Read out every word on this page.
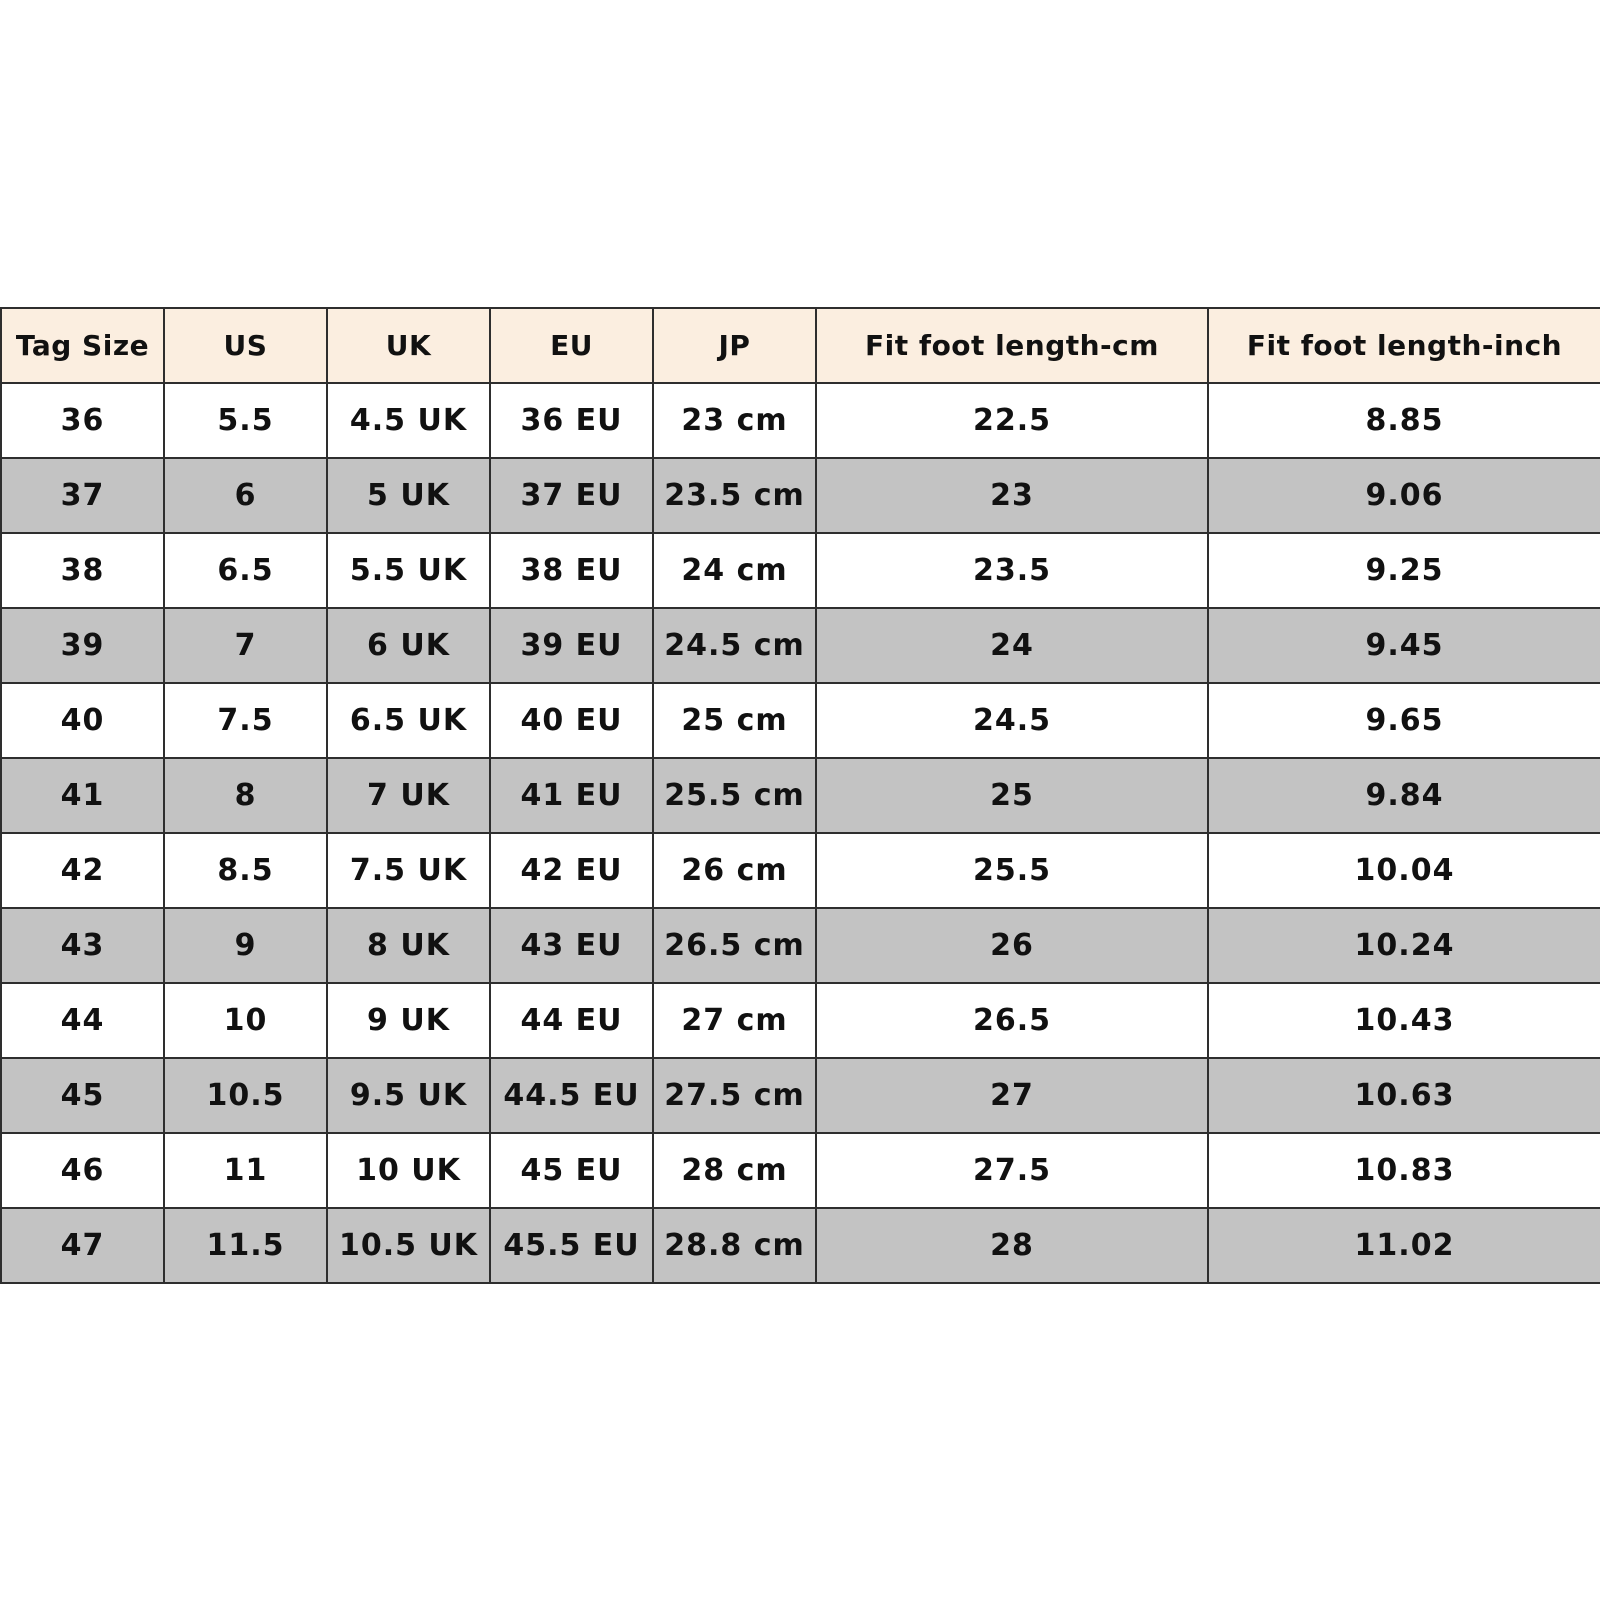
Tag Size	US	UK	EU	JP	Fit foot length-cm	Fit foot length-inch
36	5.5	4.5 UK	36 EU	23 cm	22.5	8.85
37	6	5 UK	37 EU	23.5 cm	23	9.06
38	6.5	5.5 UK	38 EU	24 cm	23.5	9.25
39	7	6 UK	39 EU	24.5 cm	24	9.45
40	7.5	6.5 UK	40 EU	25 cm	24.5	9.65
41	8	7 UK	41 EU	25.5 cm	25	9.84
42	8.5	7.5 UK	42 EU	26 cm	25.5	10.04
43	9	8 UK	43 EU	26.5 cm	26	10.24
44	10	9 UK	44 EU	27 cm	26.5	10.43
45	10.5	9.5 UK	44.5 EU	27.5 cm	27	10.63
46	11	10 UK	45 EU	28 cm	27.5	10.83
47	11.5	10.5 UK	45.5 EU	28.8 cm	28	11.02
